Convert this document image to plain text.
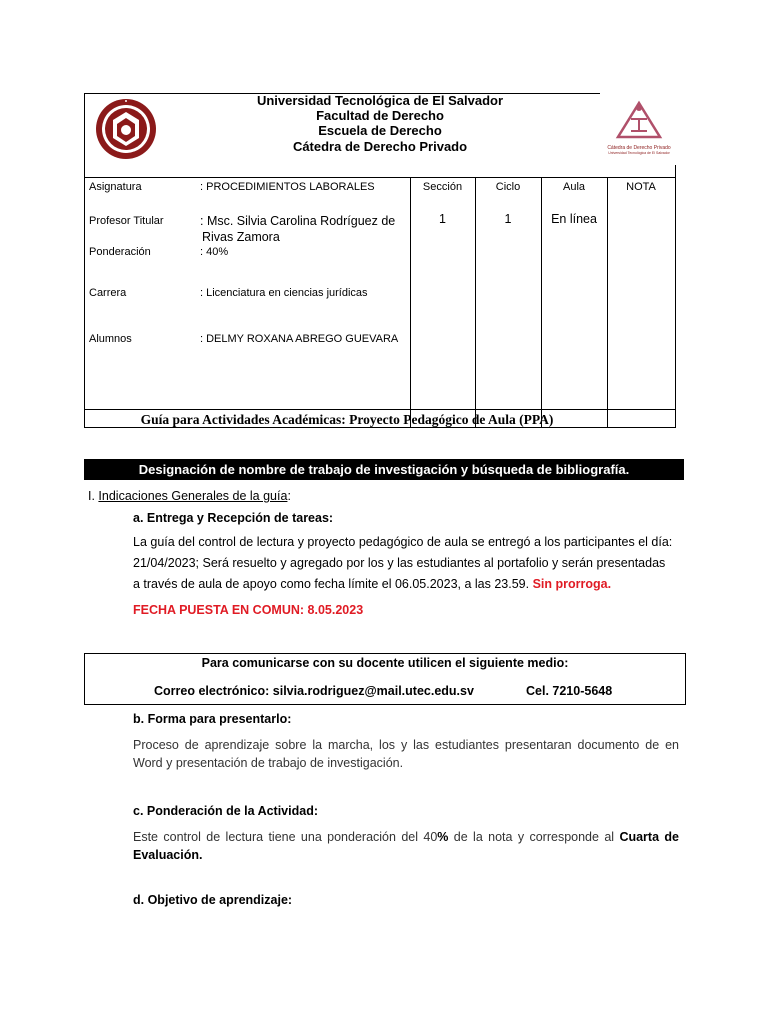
Cátedra de Derecho Privado
Universidad Tecnológica de El Salvador
Universidad Tecnológica de El Salvador
Facultad de Derecho
Escuela de Derecho
Cátedra de Derecho Privado
Asignatura	: PROCEDIMIENTOS LABORALES
Profesor Titular	: Msc. Silvia Carolina Rodríguez de
Rivas Zamora
Ponderación	: 40%
Carrera	: Licenciatura en ciencias jurídicas
Alumnos	: DELMY ROXANA ABREGO GUEVARA
Sección	Ciclo	Aula	NOTA
1	1	En línea
Guía para Actividades Académicas: Proyecto Pedagógico de Aula (PPA)
Designación de nombre de trabajo de investigación y búsqueda de bibliografía.
I. Indicaciones Generales de la guía:
a. Entrega y Recepción de tareas:
La guía del control de lectura y proyecto pedagógico de aula se entregó a los participantes el día:
21/04/2023; Será resuelto y agregado por los y las estudiantes al portafolio y serán presentadas
a través de aula de apoyo como fecha límite el 06.05.2023, a las 23.59. Sin prorroga.
FECHA PUESTA EN COMUN: 8.05.2023
Para comunicarse con su docente utilicen el siguiente medio:
Correo electrónico: silvia.rodriguez@mail.utec.edu.sv	Cel. 7210-5648
b. Forma para presentarlo:
Proceso de aprendizaje sobre la marcha, los y las estudiantes presentaran documento de en Word y presentación de trabajo de investigación.
c. Ponderación de la Actividad:
Este control de lectura tiene una ponderación del 40% de la nota y corresponde al Cuarta de Evaluación.
d. Objetivo de aprendizaje:
